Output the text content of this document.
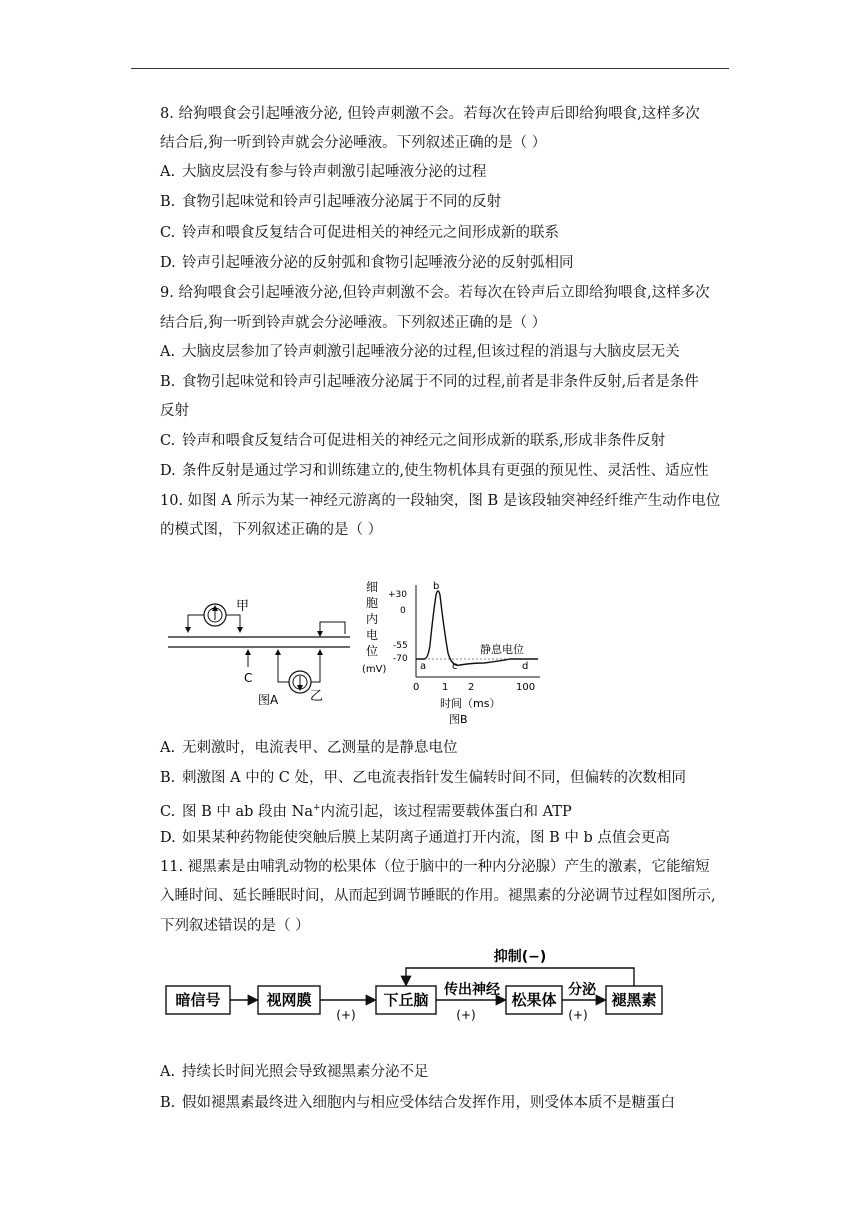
8. 给狗喂食会引起唾液分泌, 但铃声刺激不会。若每次在铃声后即给狗喂食,这样多次
结合后,狗一听到铃声就会分泌唾液。下列叙述正确的是（ ）
A. 大脑皮层没有参与铃声刺激引起唾液分泌的过程
B. 食物引起味觉和铃声引起唾液分泌属于不同的反射
C. 铃声和喂食反复结合可促进相关的神经元之间形成新的联系
D. 铃声引起唾液分泌的反射弧和食物引起唾液分泌的反射弧相同
9. 给狗喂食会引起唾液分泌,但铃声刺激不会。若每次在铃声后立即给狗喂食,这样多次
结合后,狗一听到铃声就会分泌唾液。下列叙述正确的是（ ）
A. 大脑皮层参加了铃声刺激引起唾液分泌的过程,但该过程的消退与大脑皮层无关
B. 食物引起味觉和铃声引起唾液分泌属于不同的过程,前者是非条件反射,后者是条件
反射
C. 铃声和喂食反复结合可促进相关的神经元之间形成新的联系,形成非条件反射
D. 条件反射是通过学习和训练建立的,使生物机体具有更强的预见性、灵活性、适应性
10. 如图 A 所示为某一神经元游离的一段轴突，图 B 是该段轴突神经纤维产生动作电位
的模式图，下列叙述正确的是（ ）
甲
乙
C
图A
细
胞
内
电
位
(mV)
+30
0
-55
-70
a
b
c	d
静息电位
0 1 2	100
时间（ms）
图B
A. 无刺激时，电流表甲、乙测量的是静息电位
B. 刺激图 A 中的 C 处，甲、乙电流表指针发生偏转时间不同，但偏转的次数相同
C. 图 B 中 ab 段由 Na+内流引起，该过程需要载体蛋白和 ATP
D. 如果某种药物能使突触后膜上某阴离子通道打开内流，图 B 中 b 点值会更高
11. 褪黑素是由哺乳动物的松果体（位于脑中的一种内分泌腺）产生的激素，它能缩短
入睡时间、延长睡眠时间，从而起到调节睡眠的作用。褪黑素的分泌调节过程如图所示,
下列叙述错误的是（ ）
暗信号	视网膜	下丘脑	松果体	褪黑素
(+)
传出神经
(+)
分泌
(+)
抑制(−)
A. 持续长时间光照会导致褪黑素分泌不足
B. 假如褪黑素最终进入细胞内与相应受体结合发挥作用，则受体本质不是糖蛋白
